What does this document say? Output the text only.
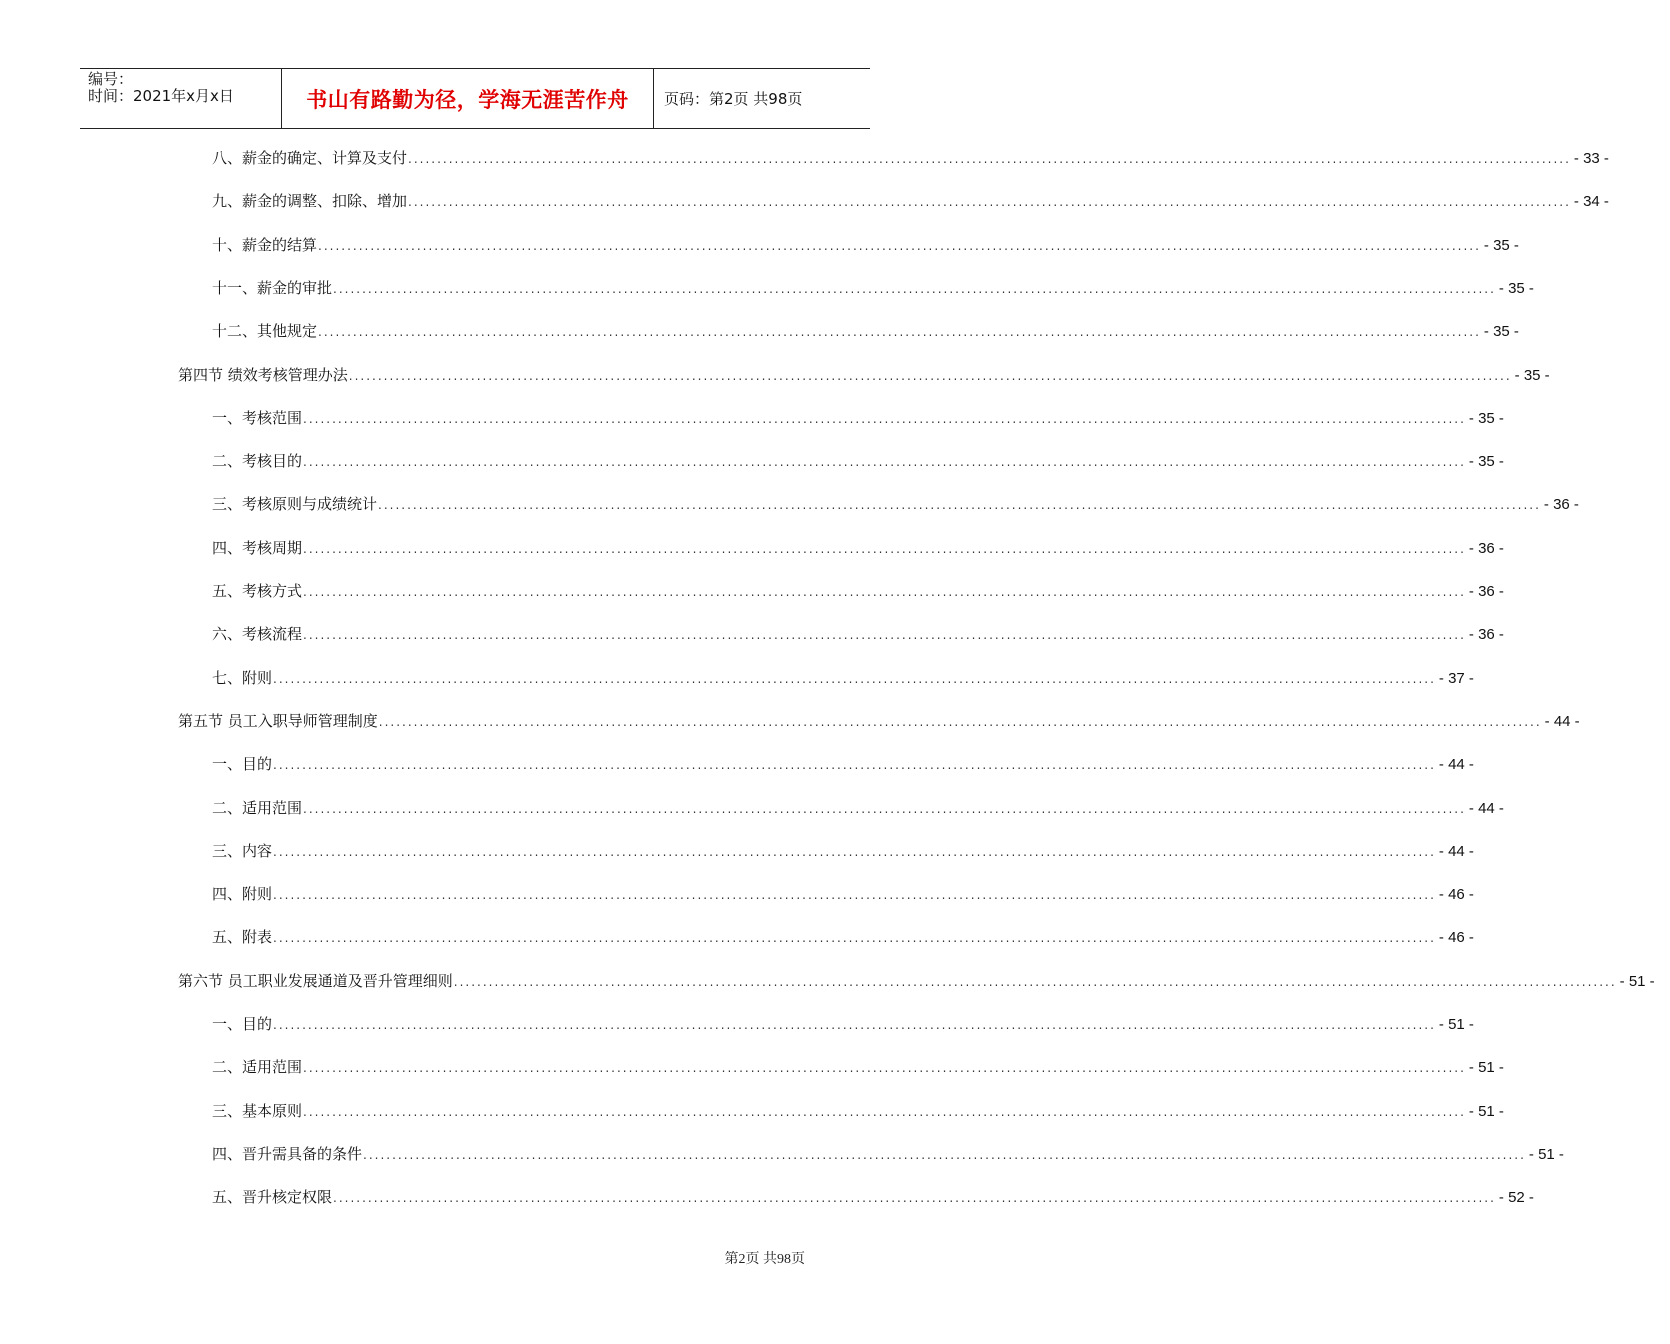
编号：
时间：2021年x月x日	书山有路勤为径，学海无涯苦作舟	页码：第2页 共98页
八、薪金的确定、计算及支付 ........................................................................................................................................................................................................ - 33 -
九、薪金的调整、扣除、增加 ........................................................................................................................................................................................................ - 34 -
十、薪金的结算 ........................................................................................................................................................................................................ - 35 -
十一、薪金的审批 ........................................................................................................................................................................................................ - 35 -
十二、其他规定 ........................................................................................................................................................................................................ - 35 -
第四节 绩效考核管理办法 ........................................................................................................................................................................................................ - 35 -
一、考核范围 ........................................................................................................................................................................................................ - 35 -
二、考核目的 ........................................................................................................................................................................................................ - 35 -
三、考核原则与成绩统计 ........................................................................................................................................................................................................ - 36 -
四、考核周期 ........................................................................................................................................................................................................ - 36 -
五、考核方式 ........................................................................................................................................................................................................ - 36 -
六、考核流程 ........................................................................................................................................................................................................ - 36 -
七、附则 ........................................................................................................................................................................................................ - 37 -
第五节 员工入职导师管理制度 ........................................................................................................................................................................................................ - 44 -
一、目的 ........................................................................................................................................................................................................ - 44 -
二、适用范围 ........................................................................................................................................................................................................ - 44 -
三、内容 ........................................................................................................................................................................................................ - 44 -
四、附则 ........................................................................................................................................................................................................ - 46 -
五、附表 ........................................................................................................................................................................................................ - 46 -
第六节 员工职业发展通道及晋升管理细则 ........................................................................................................................................................................................................ - 51 -
一、目的 ........................................................................................................................................................................................................ - 51 -
二、适用范围 ........................................................................................................................................................................................................ - 51 -
三、基本原则 ........................................................................................................................................................................................................ - 51 -
四、晋升需具备的条件 ........................................................................................................................................................................................................ - 51 -
五、晋升核定权限 ........................................................................................................................................................................................................ - 52 -
第2页 共98页
